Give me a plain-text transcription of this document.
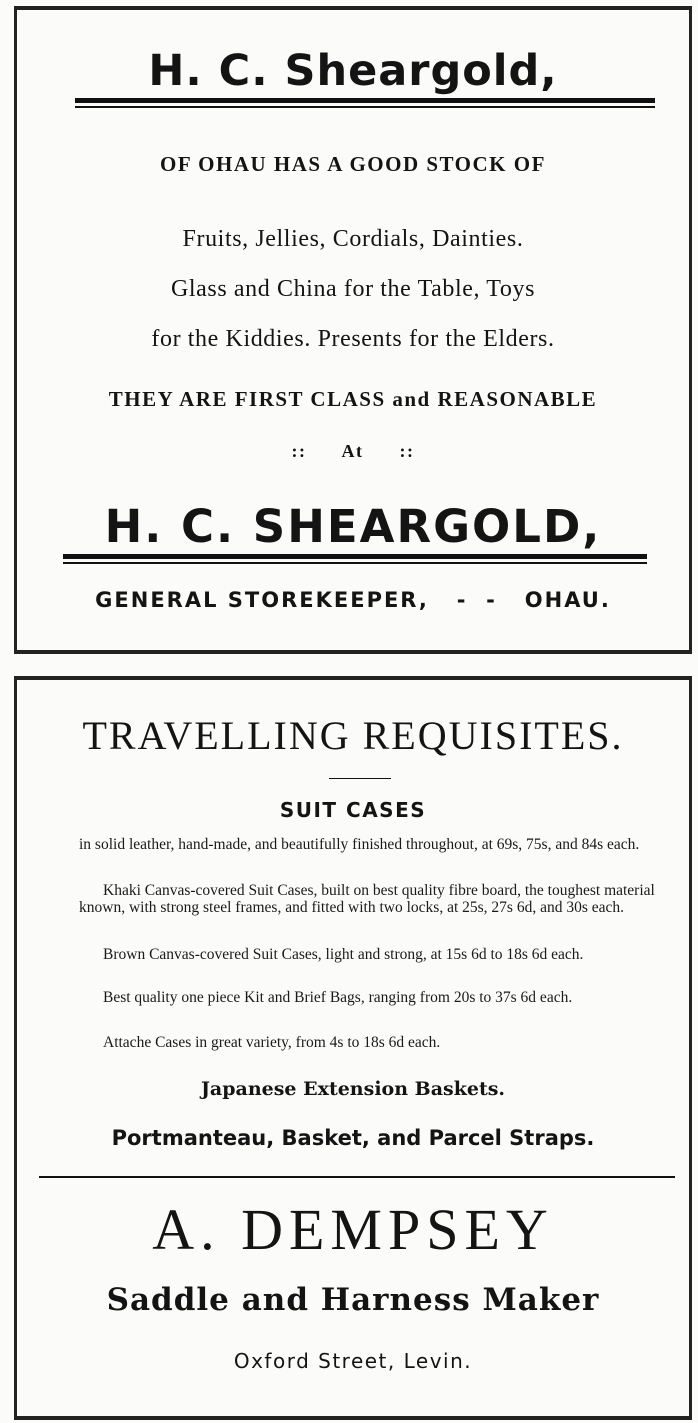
H. C. Sheargold,
OF OHAU HAS A GOOD STOCK OF
Fruits, Jellies, Cordials, Dainties.
Glass and China for the Table, Toys
for the Kiddies. Presents for the Elders.
THEY ARE FIRST CLASS and REASONABLE
::      At      ::
H. C. SHEARGOLD,
GENERAL STOREKEEPER,   -  -   OHAU.
TRAVELLING REQUISITES.
SUIT CASES
in solid leather, hand-made, and beautifully finished throughout, at 69s, 75s, and 84s each.
Khaki Canvas-covered Suit Cases, built on best quality fibre board, the toughest material known, with strong steel frames, and fitted with two locks, at 25s, 27s 6d, and 30s each.
Brown Canvas-covered Suit Cases, light and strong, at 15s 6d to 18s 6d each.
Best quality one piece Kit and Brief Bags, ranging from 20s to 37s 6d each.
Attache Cases in great variety, from 4s to 18s 6d each.
Japanese Extension Baskets.
Portmanteau, Basket, and Parcel Straps.
A. DEMPSEY
Saddle and Harness Maker
Oxford Street, Levin.
